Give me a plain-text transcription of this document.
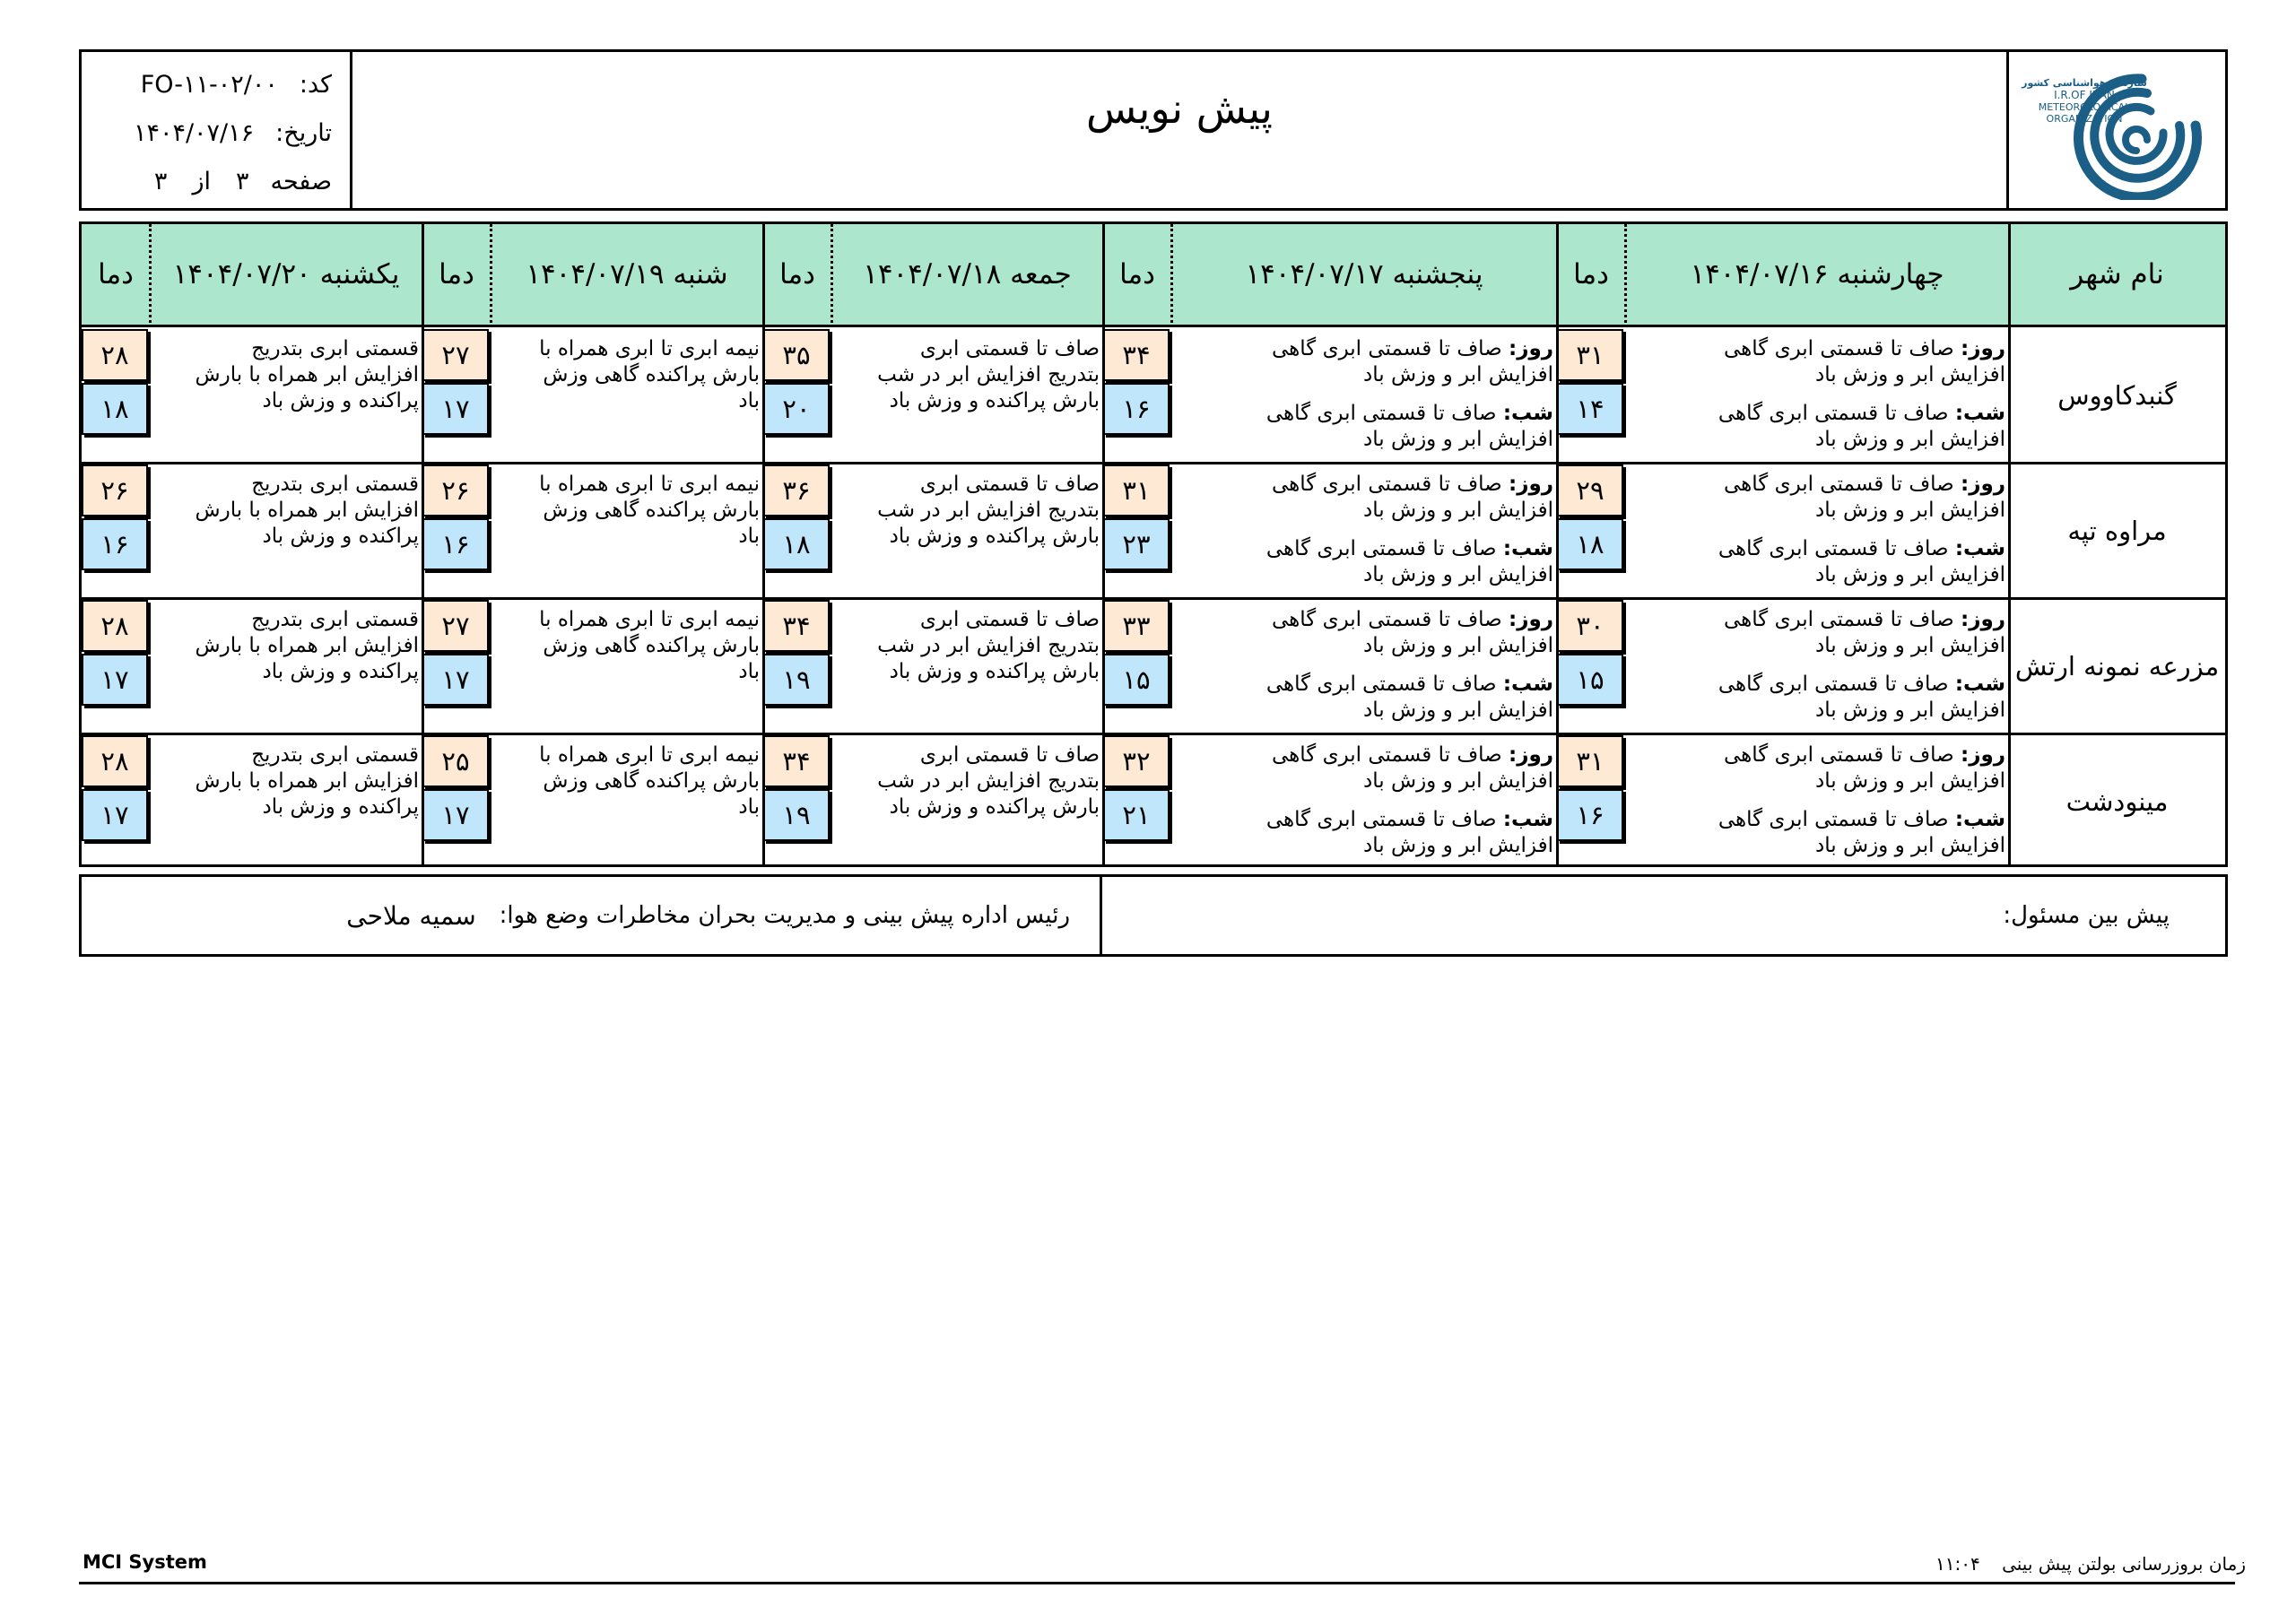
کد:
FO-۱۱-۰۲/۰۰
تاریخ:
۱۴۰۴/۰۷/۱۶
صفحه
۳
از
۳
پیش نویس
سازمان هواشناسی کشور
I.R.OF IRAN
METEOROLOGICAL
ORGANIZATION
نام شهر
چهارشنبه ۱۴۰۴/۰۷/۱۶
دما
پنجشنبه ۱۴۰۴/۰۷/۱۷
دما
جمعه ۱۴۰۴/۰۷/۱۸
دما
شنبه ۱۴۰۴/۰۷/۱۹
دما
یکشنبه ۱۴۰۴/۰۷/۲۰
دما
گنبدکاووس
روز: صاف تا قسمتی ابری گاهی
افزایش ابر و وزش باد
شب: صاف تا قسمتی ابری گاهی
افزایش ابر و وزش باد
۳۱
۱۴
روز: صاف تا قسمتی ابری گاهی
افزایش ابر و وزش باد
شب: صاف تا قسمتی ابری گاهی
افزایش ابر و وزش باد
۳۴
۱۶
صاف تا قسمتی ابری
بتدریج افزایش ابر در شب
بارش پراکنده و وزش باد
۳۵
۲۰
نیمه ابری تا ابری همراه با
بارش پراکنده گاهی وزش
باد
۲۷
۱۷
قسمتی ابری بتدریج
افزایش ابر همراه با بارش
پراکنده و وزش باد
۲۸
۱۸
مراوه تپه
روز: صاف تا قسمتی ابری گاهی
افزایش ابر و وزش باد
شب: صاف تا قسمتی ابری گاهی
افزایش ابر و وزش باد
۲۹
۱۸
روز: صاف تا قسمتی ابری گاهی
افزایش ابر و وزش باد
شب: صاف تا قسمتی ابری گاهی
افزایش ابر و وزش باد
۳۱
۲۳
صاف تا قسمتی ابری
بتدریج افزایش ابر در شب
بارش پراکنده و وزش باد
۳۶
۱۸
نیمه ابری تا ابری همراه با
بارش پراکنده گاهی وزش
باد
۲۶
۱۶
قسمتی ابری بتدریج
افزایش ابر همراه با بارش
پراکنده و وزش باد
۲۶
۱۶
مزرعه نمونه ارتش
روز: صاف تا قسمتی ابری گاهی
افزایش ابر و وزش باد
شب: صاف تا قسمتی ابری گاهی
افزایش ابر و وزش باد
۳۰
۱۵
روز: صاف تا قسمتی ابری گاهی
افزایش ابر و وزش باد
شب: صاف تا قسمتی ابری گاهی
افزایش ابر و وزش باد
۳۳
۱۵
صاف تا قسمتی ابری
بتدریج افزایش ابر در شب
بارش پراکنده و وزش باد
۳۴
۱۹
نیمه ابری تا ابری همراه با
بارش پراکنده گاهی وزش
باد
۲۷
۱۷
قسمتی ابری بتدریج
افزایش ابر همراه با بارش
پراکنده و وزش باد
۲۸
۱۷
مینودشت
روز: صاف تا قسمتی ابری گاهی
افزایش ابر و وزش باد
شب: صاف تا قسمتی ابری گاهی
افزایش ابر و وزش باد
۳۱
۱۶
روز: صاف تا قسمتی ابری گاهی
افزایش ابر و وزش باد
شب: صاف تا قسمتی ابری گاهی
افزایش ابر و وزش باد
۳۲
۲۱
صاف تا قسمتی ابری
بتدریج افزایش ابر در شب
بارش پراکنده و وزش باد
۳۴
۱۹
نیمه ابری تا ابری همراه با
بارش پراکنده گاهی وزش
باد
۲۵
۱۷
قسمتی ابری بتدریج
افزایش ابر همراه با بارش
پراکنده و وزش باد
۲۸
۱۷
رئیس اداره پیش بینی و مدیریت بحران مخاطرات وضع هوا:
سمیه ملاحی	پیش بین مسئول:
MCI System	زمان بروزرسانی بولتن پیش بینی ۱۱:۰۴
